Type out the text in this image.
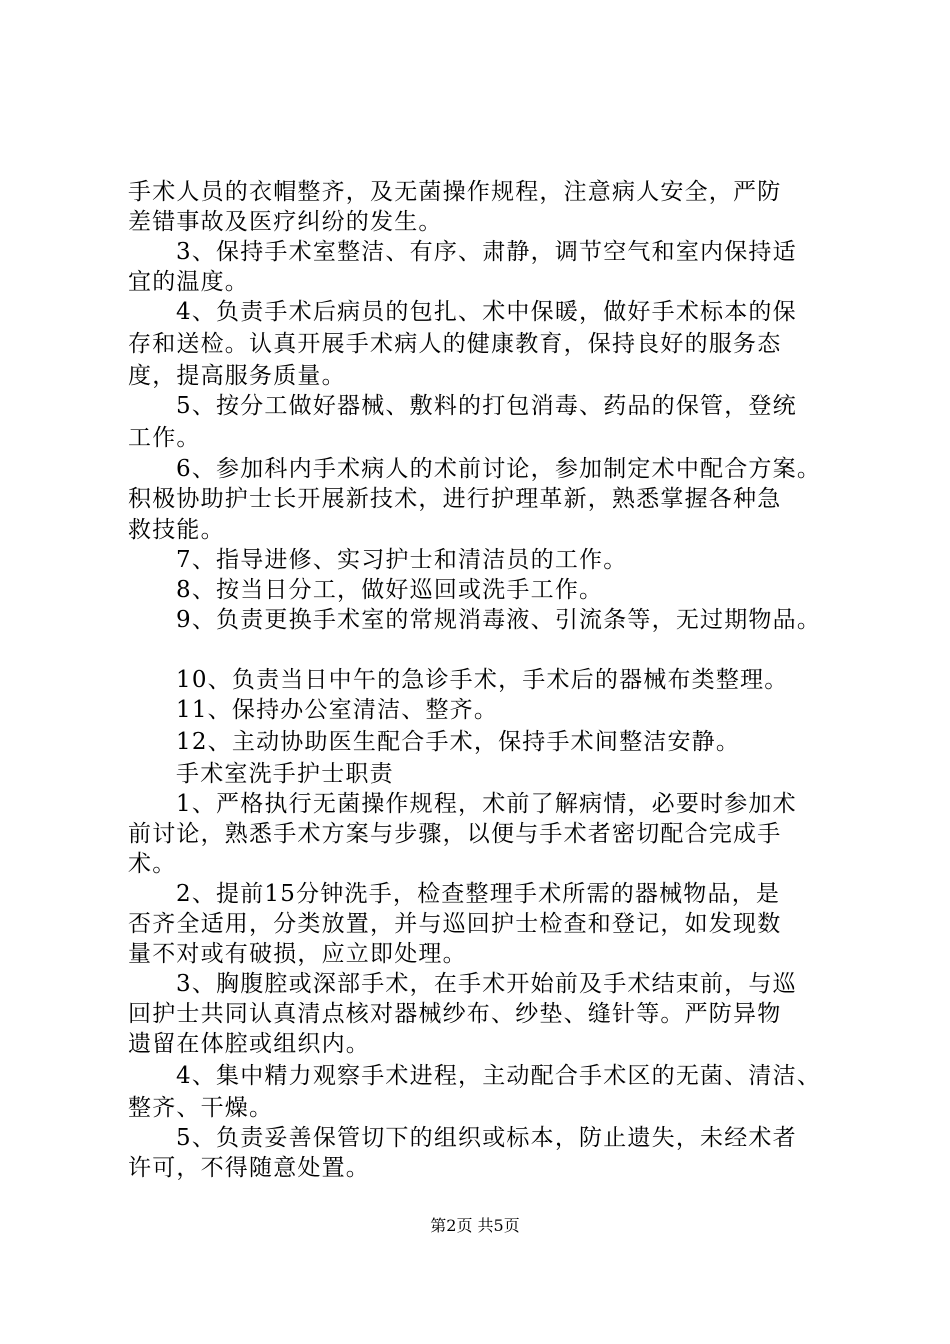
手术人员的衣帽整齐，及无菌操作规程，注意病人安全，严防
差错事故及医疗纠纷的发生。
3、保持手术室整洁、有序、肃静，调节空气和室内保持适
宜的温度。
4、负责手术后病员的包扎、术中保暖，做好手术标本的保
存和送检。认真开展手术病人的健康教育，保持良好的服务态
度，提高服务质量。
5、按分工做好器械、敷料的打包消毒、药品的保管，登统
工作。
6、参加科内手术病人的术前讨论，参加制定术中配合方案。
积极协助护士长开展新技术，进行护理革新，熟悉掌握各种急
救技能。
7、指导进修、实习护士和清洁员的工作。
8、按当日分工，做好巡回或洗手工作。
9、负责更换手术室的常规消毒液、引流条等，无过期物品。
10、负责当日中午的急诊手术，手术后的器械布类整理。
11、保持办公室清洁、整齐。
12、主动协助医生配合手术，保持手术间整洁安静。
手术室洗手护士职责
1、严格执行无菌操作规程，术前了解病情，必要时参加术
前讨论，熟悉手术方案与步骤，以便与手术者密切配合完成手
术。
2、提前15分钟洗手，检查整理手术所需的器械物品，是
否齐全适用，分类放置，并与巡回护士检查和登记，如发现数
量不对或有破损，应立即处理。
3、胸腹腔或深部手术，在手术开始前及手术结束前，与巡
回护士共同认真清点核对器械纱布、纱垫、缝针等。严防异物
遗留在体腔或组织内。
4、集中精力观察手术进程，主动配合手术区的无菌、清洁、
整齐、干燥。
5、负责妥善保管切下的组织或标本，防止遗失，未经术者
许可，不得随意处置。
第2页 共5页
